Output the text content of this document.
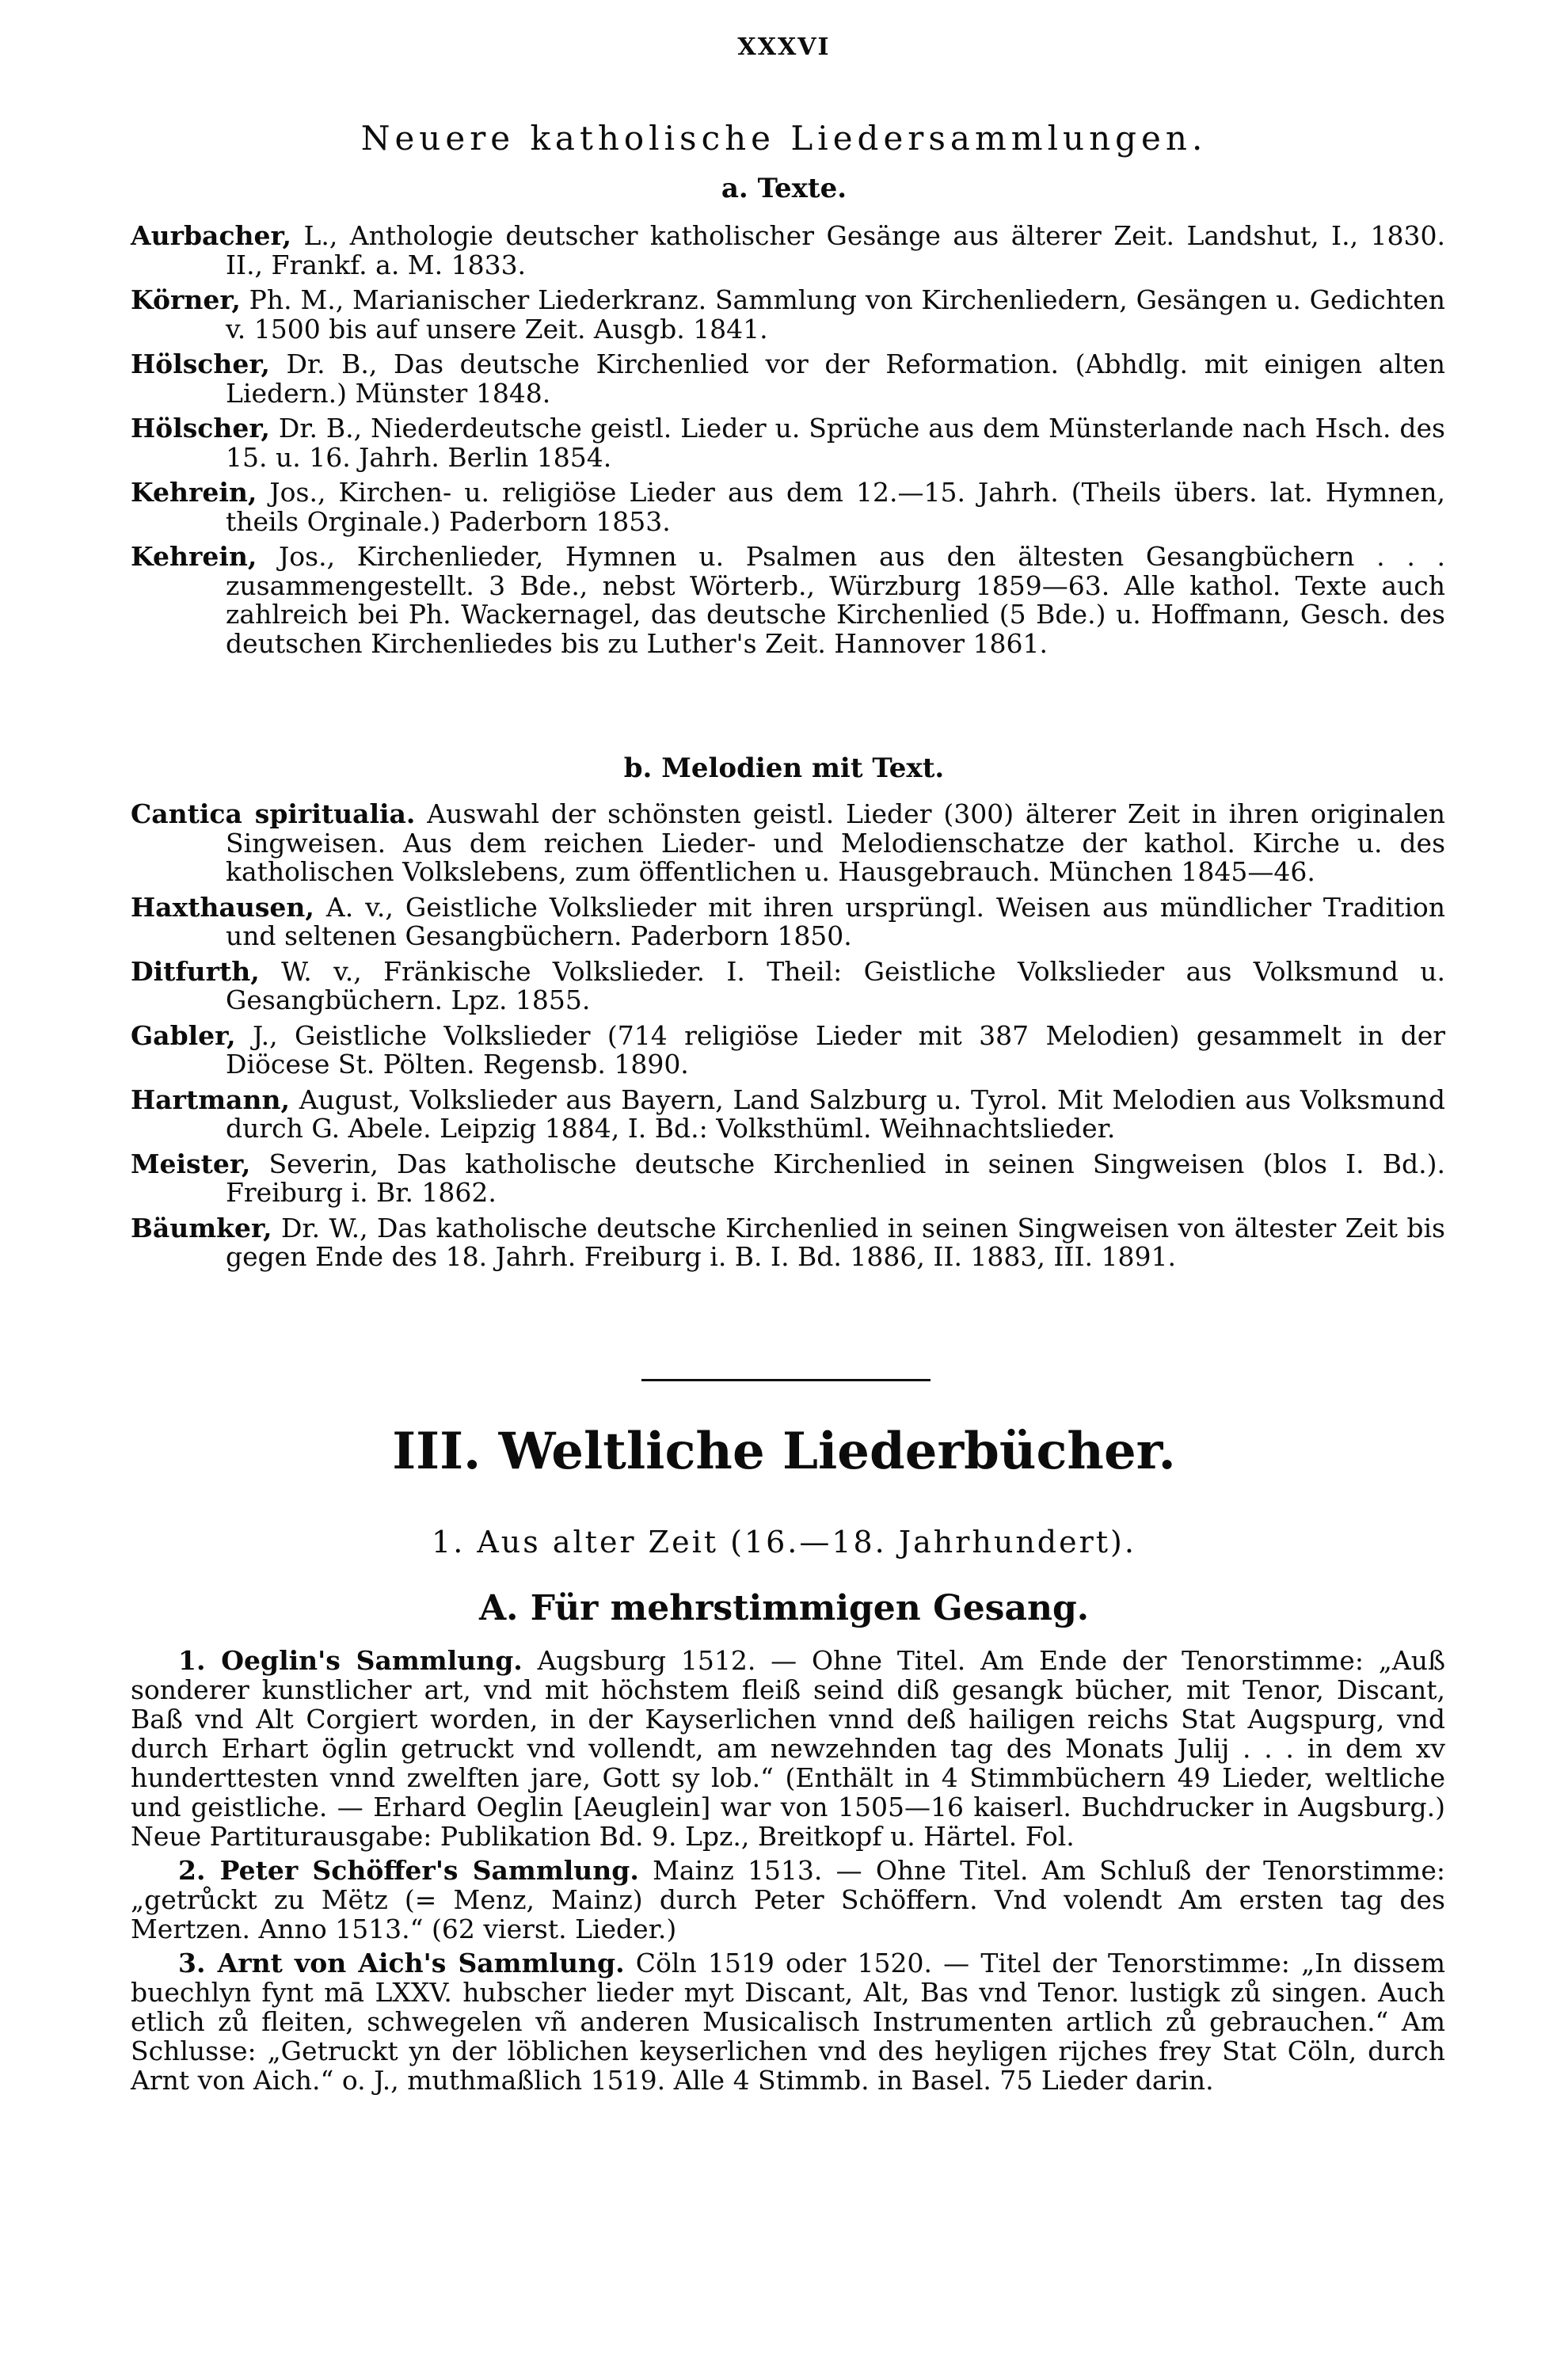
XXXVI
Neuere katholische Liedersammlungen.
a. Texte.

Aurbacher, L., Anthologie deutscher katholischer Gesänge aus älterer Zeit. Landshut, I., 1830. II., Frankf. a. M. 1833.

Körner, Ph. M., Marianischer Liederkranz. Sammlung von Kirchenliedern, Gesängen u. Gedichten v. 1500 bis auf unsere Zeit. Ausgb. 1841.

Hölscher, Dr. B., Das deutsche Kirchenlied vor der Reformation. (Abhdlg. mit einigen alten Liedern.) Münster 1848.

Hölscher, Dr. B., Niederdeutsche geistl. Lieder u. Sprüche aus dem Münsterlande nach Hsch. des 15. u. 16. Jahrh. Berlin 1854.

Kehrein, Jos., Kirchen- u. religiöse Lieder aus dem 12.—15. Jahrh. (Theils übers. lat. Hymnen, theils Orginale.) Paderborn 1853.

Kehrein, Jos., Kirchenlieder, Hymnen u. Psalmen aus den ältesten Gesangbüchern . . . zusammengestellt. 3 Bde., nebst Wörterb., Würzburg 1859—63. Alle kathol. Texte auch zahlreich bei Ph. Wackernagel, das deutsche Kirchenlied (5 Bde.) u. Hoffmann, Gesch. des deutschen Kirchenliedes bis zu Luther's Zeit. Hannover 1861.

b. Melodien mit Text.

Cantica spiritualia. Auswahl der schönsten geistl. Lieder (300) älterer Zeit in ihren originalen Singweisen. Aus dem reichen Lieder- und Melodienschatze der kathol. Kirche u. des katholischen Volkslebens, zum öffentlichen u. Hausgebrauch. München 1845—46.

Haxthausen, A. v., Geistliche Volkslieder mit ihren ursprüngl. Weisen aus mündlicher Tradition und seltenen Gesangbüchern. Paderborn 1850.

Ditfurth, W. v., Fränkische Volkslieder. I. Theil: Geistliche Volkslieder aus Volksmund u. Gesangbüchern. Lpz. 1855.

Gabler, J., Geistliche Volkslieder (714 religiöse Lieder mit 387 Melodien) gesammelt in der Diöcese St. Pölten. Regensb. 1890.

Hartmann, August, Volkslieder aus Bayern, Land Salzburg u. Tyrol. Mit Melodien aus Volksmund durch G. Abele. Leipzig 1884, I. Bd.: Volksthüml. Weihnachtslieder.

Meister, Severin, Das katholische deutsche Kirchenlied in seinen Singweisen (blos I. Bd.). Freiburg i. Br. 1862.

Bäumker, Dr. W., Das katholische deutsche Kirchenlied in seinen Singweisen von ältester Zeit bis gegen Ende des 18. Jahrh. Freiburg i. B. I. Bd. 1886, II. 1883, III. 1891.

III. Weltliche Liederbücher.
1. Aus alter Zeit (16.—18. Jahrhundert).
A. Für mehrstimmigen Gesang.

1. Oeglin's Sammlung. Augsburg 1512. — Ohne Titel. Am Ende der Tenorstimme: „Auß sonderer kunstlicher art, vnd mit höchstem fleiß seind diß gesangk bücher, mit Tenor, Discant, Baß vnd Alt Corgiert worden, in der Kayserlichen vnnd deß hailigen reichs Stat Augspurg, vnd durch Erhart öglin getruckt vnd vollendt, am newzehnden tag des Monats Julij . . . in dem xv hunderttesten vnnd zwelften jare, Gott sy lob.“ (Enthält in 4 Stimmbüchern 49 Lieder, weltliche und geistliche. — Erhard Oeglin [Aeuglein] war von 1505—16 kaiserl. Buchdrucker in Augsburg.) Neue Partiturausgabe: Publikation Bd. 9. Lpz., Breitkopf u. Härtel. Fol.

2. Peter Schöffer's Sammlung. Mainz 1513. — Ohne Titel. Am Schluß der Tenorstimme: „getrůckt zu Mëtz (= Menz, Mainz) durch Peter Schöffern. Vnd volendt Am ersten tag des Mertzen. Anno 1513.“ (62 vierst. Lieder.)

3. Arnt von Aich's Sammlung. Cöln 1519 oder 1520. — Titel der Tenorstimme: „In dissem buechlyn fynt mā LXXV. hubscher lieder myt Discant, Alt, Bas vnd Tenor. lustigk zů singen. Auch etlich zů fleiten, schwegelen vñ anderen Musicalisch Instrumenten artlich zů gebrauchen.“ Am Schlusse: „Getruckt yn der löblichen keyserlichen vnd des heyligen rijches frey Stat Cöln, durch Arnt von Aich.“ o. J., muthmaßlich 1519. Alle 4 Stimmb. in Basel. 75 Lieder darin.
